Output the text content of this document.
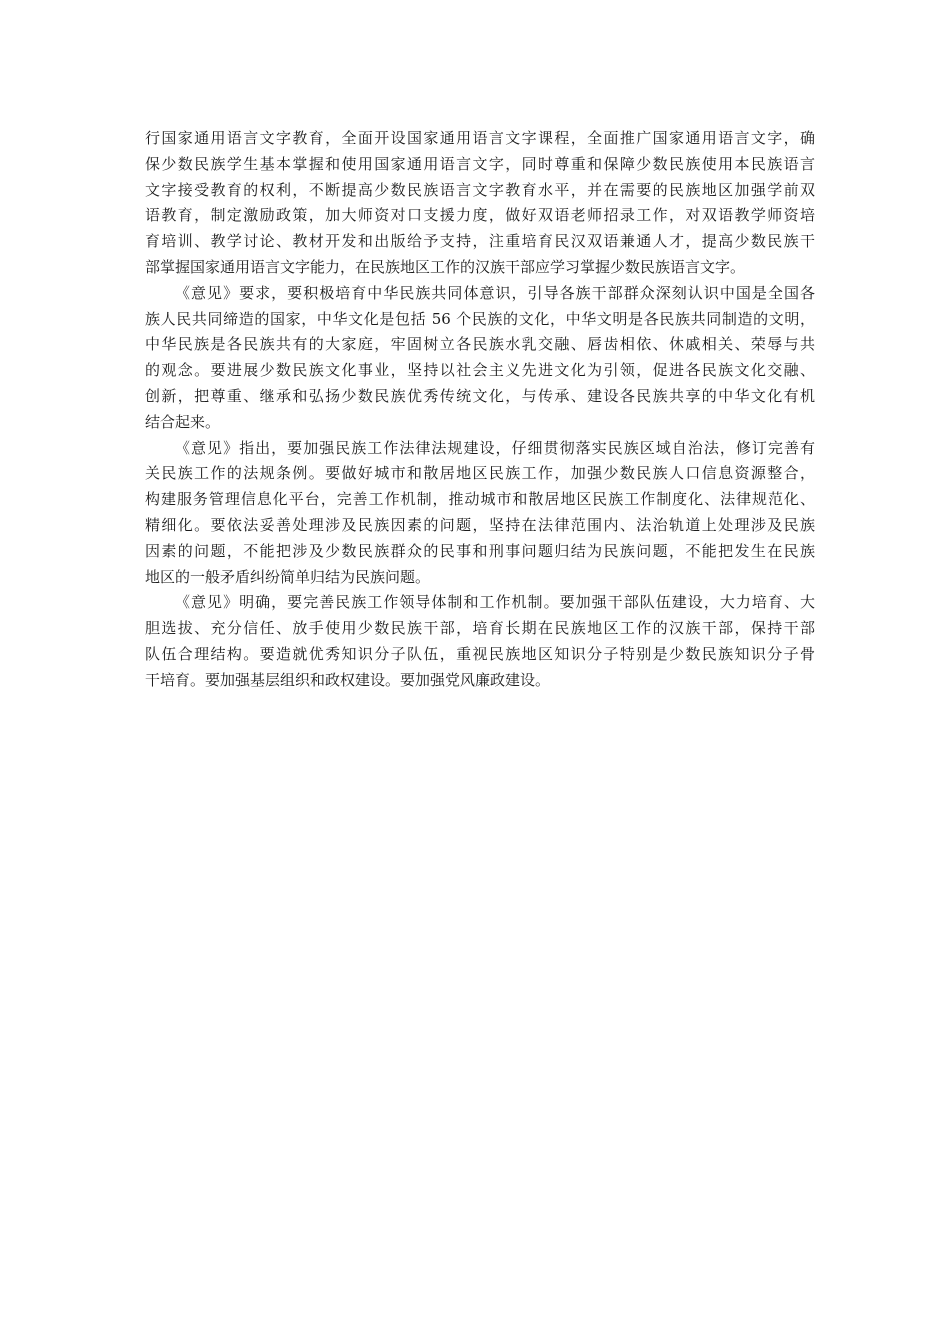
行国家通用语言文字教育，全面开设国家通用语言文字课程，全面推广国家通用语言文字，确
保少数民族学生基本掌握和使用国家通用语言文字，同时尊重和保障少数民族使用本民族语言
文字接受教育的权利，不断提高少数民族语言文字教育水平，并在需要的民族地区加强学前双
语教育，制定激励政策，加大师资对口支援力度，做好双语老师招录工作，对双语教学师资培
育培训、教学讨论、教材开发和出版给予支持，注重培育民汉双语兼通人才，提高少数民族干
部掌握国家通用语言文字能力，在民族地区工作的汉族干部应学习掌握少数民族语言文字。
《意见》要求，要积极培育中华民族共同体意识，引导各族干部群众深刻认识中国是全国各
族人民共同缔造的国家，中华文化是包括 56 个民族的文化，中华文明是各民族共同制造的文明，
中华民族是各民族共有的大家庭，牢固树立各民族水乳交融、唇齿相依、休戚相关、荣辱与共
的观念。要进展少数民族文化事业，坚持以社会主义先进文化为引领，促进各民族文化交融、
创新，把尊重、继承和弘扬少数民族优秀传统文化，与传承、建设各民族共享的中华文化有机
结合起来。
《意见》指出，要加强民族工作法律法规建设，仔细贯彻落实民族区域自治法，修订完善有
关民族工作的法规条例。要做好城市和散居地区民族工作，加强少数民族人口信息资源整合，
构建服务管理信息化平台，完善工作机制，推动城市和散居地区民族工作制度化、法律规范化、
精细化。要依法妥善处理涉及民族因素的问题，坚持在法律范围内、法治轨道上处理涉及民族
因素的问题，不能把涉及少数民族群众的民事和刑事问题归结为民族问题，不能把发生在民族
地区的一般矛盾纠纷简单归结为民族问题。
《意见》明确，要完善民族工作领导体制和工作机制。要加强干部队伍建设，大力培育、大
胆选拔、充分信任、放手使用少数民族干部，培育长期在民族地区工作的汉族干部，保持干部
队伍合理结构。要造就优秀知识分子队伍，重视民族地区知识分子特别是少数民族知识分子骨
干培育。要加强基层组织和政权建设。要加强党风廉政建设。
